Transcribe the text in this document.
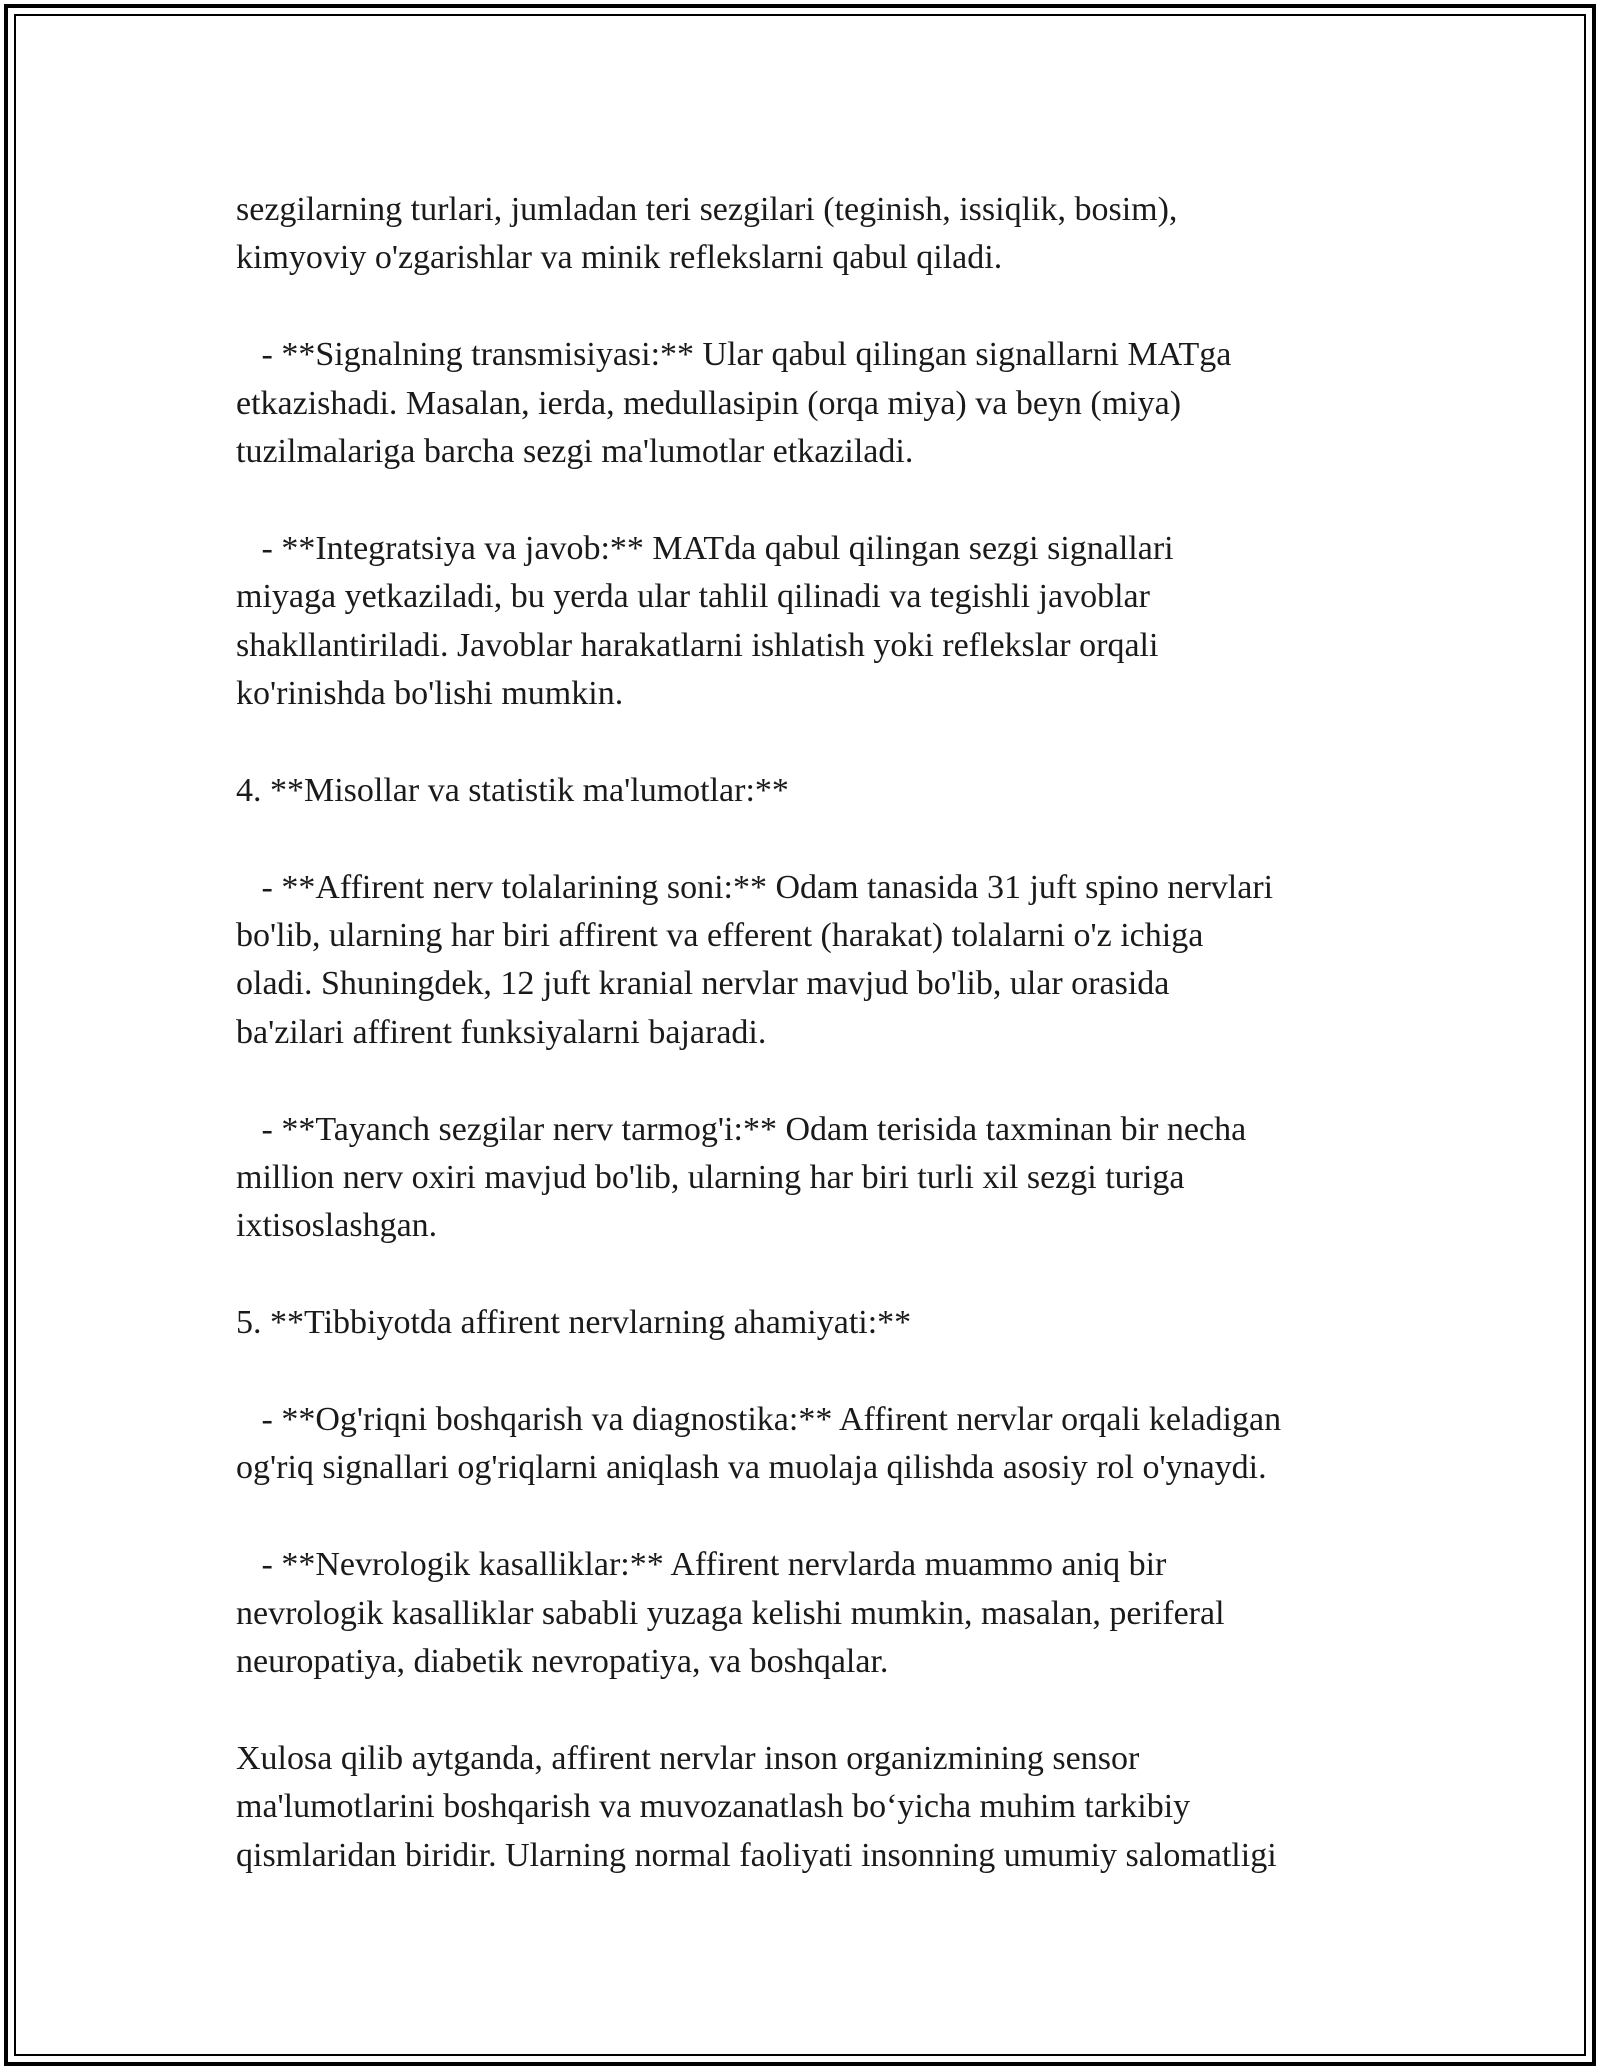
sezgilarning turlari, jumladan teri sezgilari (teginish, issiqlik, bosim),
kimyoviy o'zgarishlar va minik reflekslarni qabul qiladi.

- **Signalning transmisiyasi:** Ular qabul qilingan signallarni MATga
etkazishadi. Masalan, ierda, medullasipin (orqa miya) va beyn (miya)
tuzilmalariga barcha sezgi ma'lumotlar etkaziladi.

- **Integratsiya va javob:** MATda qabul qilingan sezgi signallari
miyaga yetkaziladi, bu yerda ular tahlil qilinadi va tegishli javoblar
shakllantiriladi. Javoblar harakatlarni ishlatish yoki reflekslar orqali
ko'rinishda bo'lishi mumkin.

4. **Misollar va statistik ma'lumotlar:**

- **Affirent nerv tolalarining soni:** Odam tanasida 31 juft spino nervlari
bo'lib, ularning har biri affirent va efferent (harakat) tolalarni o'z ichiga
oladi. Shuningdek, 12 juft kranial nervlar mavjud bo'lib, ular orasida
ba'zilari affirent funksiyalarni bajaradi.

- **Tayanch sezgilar nerv tarmog'i:** Odam terisida taxminan bir necha
million nerv oxiri mavjud bo'lib, ularning har biri turli xil sezgi turiga
ixtisoslashgan.

5. **Tibbiyotda affirent nervlarning ahamiyati:**

- **Og'riqni boshqarish va diagnostika:** Affirent nervlar orqali keladigan
og'riq signallari og'riqlarni aniqlash va muolaja qilishda asosiy rol o'ynaydi.

- **Nevrologik kasalliklar:** Affirent nervlarda muammo aniq bir
nevrologik kasalliklar sababli yuzaga kelishi mumkin, masalan, periferal
neuropatiya, diabetik nevropatiya, va boshqalar.

Xulosa qilib aytganda, affirent nervlar inson organizmining sensor
ma'lumotlarini boshqarish va muvozanatlash bo‘yicha muhim tarkibiy
qismlaridan biridir. Ularning normal faoliyati insonning umumiy salomatligi
